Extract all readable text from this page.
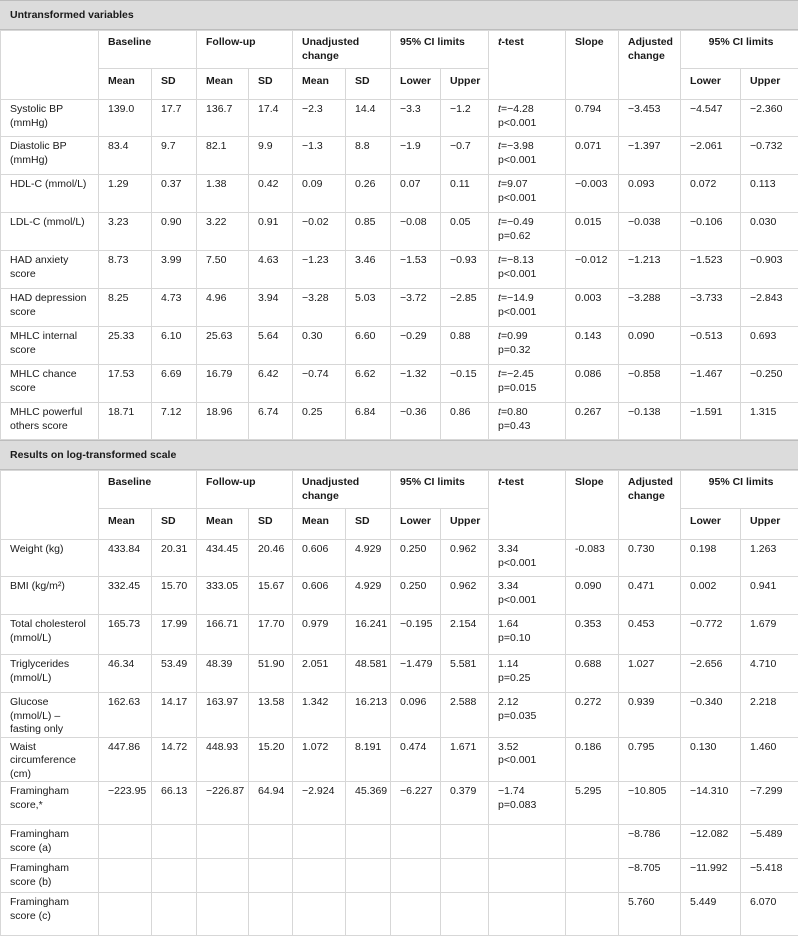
Untransformed variables
	Baseline		Follow-up		Unadjusted change		95% CI limits		t-test	Slope	Adjusted change	95% CI limits	
	Mean	SD	Mean	SD	Mean	SD	Lower	Upper				Lower	Upper
Systolic BP (mmHg)	139.0	17.7	136.7	17.4	−2.3	14.4	−3.3	−1.2	t=−4.28
p<0.001	0.794	−3.453	−4.547	−2.360
Diastolic BP (mmHg)	83.4	9.7	82.1	9.9	−1.3	8.8	−1.9	−0.7	t=−3.98
p<0.001	0.071	−1.397	−2.061	−0.732
HDL-C (mmol/L)	1.29	0.37	1.38	0.42	0.09	0.26	0.07	0.11	t=9.07
p<0.001	−0.003	0.093	0.072	0.113
LDL-C (mmol/L)	3.23	0.90	3.22	0.91	−0.02	0.85	−0.08	0.05	t=−0.49
p=0.62	0.015	−0.038	−0.106	0.030
HAD anxiety score	8.73	3.99	7.50	4.63	−1.23	3.46	−1.53	−0.93	t=−8.13
p<0.001	−0.012	−1.213	−1.523	−0.903
HAD depression score	8.25	4.73	4.96	3.94	−3.28	5.03	−3.72	−2.85	t=−14.9
p<0.001	0.003	−3.288	−3.733	−2.843
MHLC internal score	25.33	6.10	25.63	5.64	0.30	6.60	−0.29	0.88	t=0.99
p=0.32	0.143	0.090	−0.513	0.693
MHLC chance score	17.53	6.69	16.79	6.42	−0.74	6.62	−1.32	−0.15	t=−2.45
p=0.015	0.086	−0.858	−1.467	−0.250
MHLC powerful others score	18.71	7.12	18.96	6.74	0.25	6.84	−0.36	0.86	t=0.80
p=0.43	0.267	−0.138	−1.591	1.315
Results on log-transformed scale
	Baseline		Follow-up		Unadjusted change		95% CI limits		t-test	Slope	Adjusted change	95% CI limits	
	Mean	SD	Mean	SD	Mean	SD	Lower	Upper				Lower	Upper
Weight (kg)	433.84	20.31	434.45	20.46	0.606	4.929	0.250	0.962	3.34
p<0.001	-0.083	0.730	0.198	1.263
BMI (kg/m²)	332.45	15.70	333.05	15.67	0.606	4.929	0.250	0.962	3.34
p<0.001	0.090	0.471	0.002	0.941
Total cholesterol (mmol/L)	165.73	17.99	166.71	17.70	0.979	16.241	−0.195	2.154	1.64
p=0.10	0.353	0.453	−0.772	1.679
Triglycerides (mmol/L)	46.34	53.49	48.39	51.90	2.051	48.581	−1.479	5.581	1.14
p=0.25	0.688	1.027	−2.656	4.710
Glucose (mmol/L) – fasting only	162.63	14.17	163.97	13.58	1.342	16.213	0.096	2.588	2.12
p=0.035	0.272	0.939	−0.340	2.218
Waist circumference (cm)	447.86	14.72	448.93	15.20	1.072	8.191	0.474	1.671	3.52
p<0.001	0.186	0.795	0.130	1.460
Framingham score,*	−223.95	66.13	−226.87	64.94	−2.924	45.369	−6.227	0.379	−1.74
p=0.083	5.295	−10.805	−14.310	−7.299
Framingham score (a)											−8.786	−12.082	−5.489
Framingham score (b)											−8.705	−11.992	−5.418
Framingham score (c)											5.760	5.449	6.070
